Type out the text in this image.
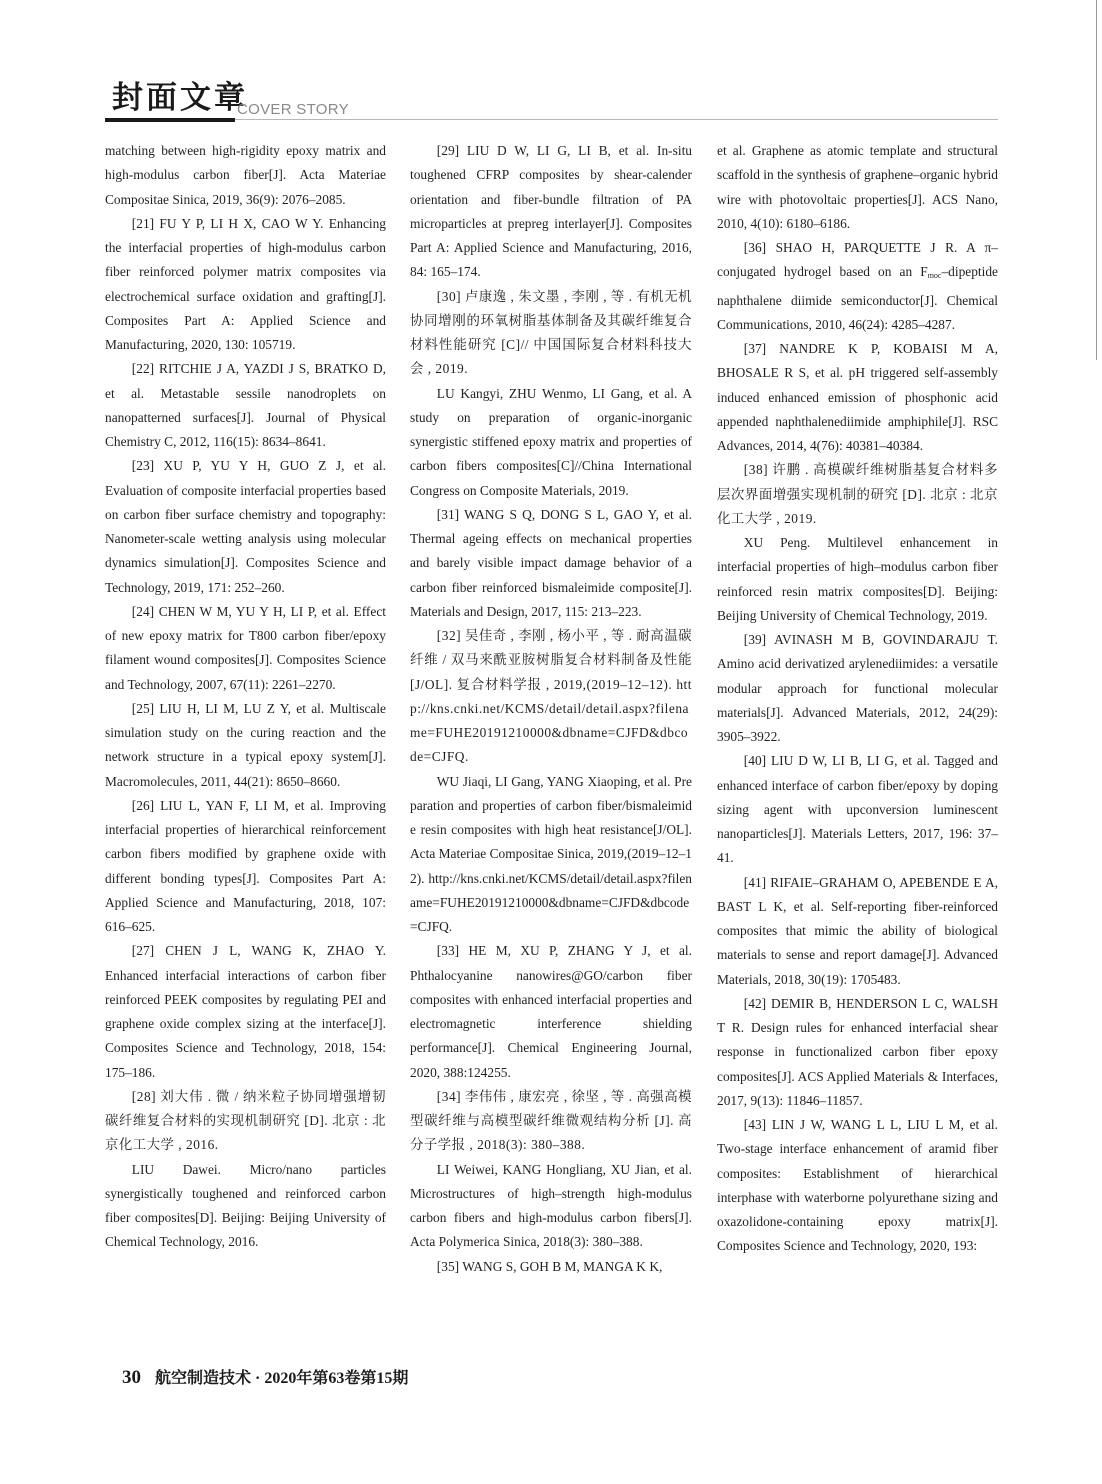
封面文章
COVER STORY

matching between high-rigidity epoxy matrix and high-modulus carbon fiber[J]. Acta Materiae Compositae Sinica, 2019, 36(9): 2076–2085.

[21] FU Y P, LI H X, CAO W Y. Enhancing the interfacial properties of high-modulus carbon fiber reinforced polymer matrix composites via electrochemical surface oxidation and grafting[J]. Composites Part A: Applied Science and Manufacturing, 2020, 130: 105719.

[22] RITCHIE J A, YAZDI J S, BRATKO D, et al. Metastable sessile nanodroplets on nanopatterned surfaces[J]. Journal of Physical Chemistry C, 2012, 116(15): 8634–8641.

[23] XU P, YU Y H, GUO Z J, et al. Evaluation of composite interfacial properties based on carbon fiber surface chemistry and topography: Nanometer-scale wetting analysis using molecular dynamics simulation[J]. Composites Science and Technology, 2019, 171: 252–260.

[24] CHEN W M, YU Y H, LI P, et al. Effect of new epoxy matrix for T800 carbon fiber/epoxy filament wound composites[J]. Composites Science and Technology, 2007, 67(11): 2261–2270.

[25] LIU H, LI M, LU Z Y, et al. Multiscale simulation study on the curing reaction and the network structure in a typical epoxy system[J]. Macromolecules, 2011, 44(21): 8650–8660.

[26] LIU L, YAN F, LI M, et al. Improving interfacial properties of hierarchical reinforcement carbon fibers modified by graphene oxide with different bonding types[J]. Composites Part A: Applied Science and Manufacturing, 2018, 107: 616–625.

[27] CHEN J L, WANG K, ZHAO Y. Enhanced interfacial interactions of carbon fiber reinforced PEEK composites by regulating PEI and graphene oxide complex sizing at the interface[J]. Composites Science and Technology, 2018, 154: 175–186.

[28] 刘大伟 . 微 / 纳米粒子协同增强增韧碳纤维复合材料的实现机制研究 [D]. 北京 : 北京化工大学 , 2016.

LIU Dawei. Micro/nano particles synergistically toughened and reinforced carbon fiber composites[D]. Beijing: Beijing University of Chemical Technology, 2016.

[29] LIU D W, LI G, LI B, et al. In-situ toughened CFRP composites by shear-calender orientation and fiber-bundle filtration of PA microparticles at prepreg interlayer[J]. Composites Part A: Applied Science and Manufacturing, 2016, 84: 165–174.

[30] 卢康逸 , 朱文墨 , 李刚 , 等 . 有机无机协同增刚的环氧树脂基体制备及其碳纤维复合材料性能研究 [C]// 中国国际复合材料科技大会 , 2019.

LU Kangyi, ZHU Wenmo, LI Gang, et al. A study on preparation of organic-inorganic synergistic stiffened epoxy matrix and properties of carbon fibers composites[C]//China International Congress on Composite Materials, 2019.

[31] WANG S Q, DONG S L, GAO Y, et al. Thermal ageing effects on mechanical properties and barely visible impact damage behavior of a carbon fiber reinforced bismaleimide composite[J]. Materials and Design, 2017, 115: 213–223.

[32] 吴佳奇 , 李刚 , 杨小平 , 等 . 耐高温碳纤维 / 双马来酰亚胺树脂复合材料制备及性能 [J/OL]. 复合材料学报 , 2019,(2019–12–12). http://kns.cnki.net/KCMS/detail/detail.aspx?filename=FUHE20191210000&dbname=CJFD&dbcode=CJFQ.

WU Jiaqi, LI Gang, YANG Xiaoping, et al. Preparation and properties of carbon fiber/bismaleimide resin composites with high heat resistance[J/OL]. Acta Materiae Compositae Sinica, 2019,(2019–12–12). http://kns.cnki.net/KCMS/detail/detail.aspx?filename=FUHE20191210000&dbname=CJFD&dbcode=CJFQ.

[33] HE M, XU P, ZHANG Y J, et al. Phthalocyanine nanowires@GO/carbon fiber composites with enhanced interfacial properties and electromagnetic interference shielding performance[J]. Chemical Engineering Journal, 2020, 388:124255.

[34] 李伟伟 , 康宏亮 , 徐坚 , 等 . 高强高模型碳纤维与高模型碳纤维微观结构分析 [J]. 高分子学报 , 2018(3): 380–388.

LI Weiwei, KANG Hongliang, XU Jian, et al. Microstructures of high–strength high-modulus carbon fibers and high-modulus carbon fibers[J]. Acta Polymerica Sinica, 2018(3): 380–388.

[35] WANG S, GOH B M, MANGA K K,

et al. Graphene as atomic template and structural scaffold in the synthesis of graphene–organic hybrid wire with photovoltaic properties[J]. ACS Nano, 2010, 4(10): 6180–6186.

[36] SHAO H, PARQUETTE J R. A π–conjugated hydrogel based on an $F_{moc}$–dipeptide naphthalene diimide semiconductor[J]. Chemical Communications, 2010, 46(24): 4285–4287.

[37] NANDRE K P, KOBAISI M A, BHOSALE R S, et al. pH triggered self-assembly induced enhanced emission of phosphonic acid appended naphthalenediimide amphiphile[J]. RSC Advances, 2014, 4(76): 40381–40384.

[38] 许鹏 . 高模碳纤维树脂基复合材料多层次界面增强实现机制的研究 [D]. 北京 : 北京化工大学 , 2019.

XU Peng. Multilevel enhancement in interfacial properties of high–modulus carbon fiber reinforced resin matrix composites[D]. Beijing: Beijing University of Chemical Technology, 2019.

[39] AVINASH M B, GOVINDARAJU T. Amino acid derivatized arylenediimides: a versatile modular approach for functional molecular materials[J]. Advanced Materials, 2012, 24(29): 3905–3922.

[40] LIU D W, LI B, LI G, et al. Tagged and enhanced interface of carbon fiber/epoxy by doping sizing agent with upconversion luminescent nanoparticles[J]. Materials Letters, 2017, 196: 37–41.

[41] RIFAIE–GRAHAM O, APEBENDE E A, BAST L K, et al. Self-reporting fiber-reinforced composites that mimic the ability of biological materials to sense and report damage[J]. Advanced Materials, 2018, 30(19): 1705483.

[42] DEMIR B, HENDERSON L C, WALSH T R. Design rules for enhanced interfacial shear response in functionalized carbon fiber epoxy composites[J]. ACS Applied Materials & Interfaces, 2017, 9(13): 11846–11857.

[43] LIN J W, WANG L L, LIU L M, et al. Two-stage interface enhancement of aramid fiber composites: Establishment of hierarchical interphase with waterborne polyurethane sizing and oxazolidone-containing epoxy matrix[J]. Composites Science and Technology, 2020, 193:

30 航空制造技术 · 2020年第63卷第15期
